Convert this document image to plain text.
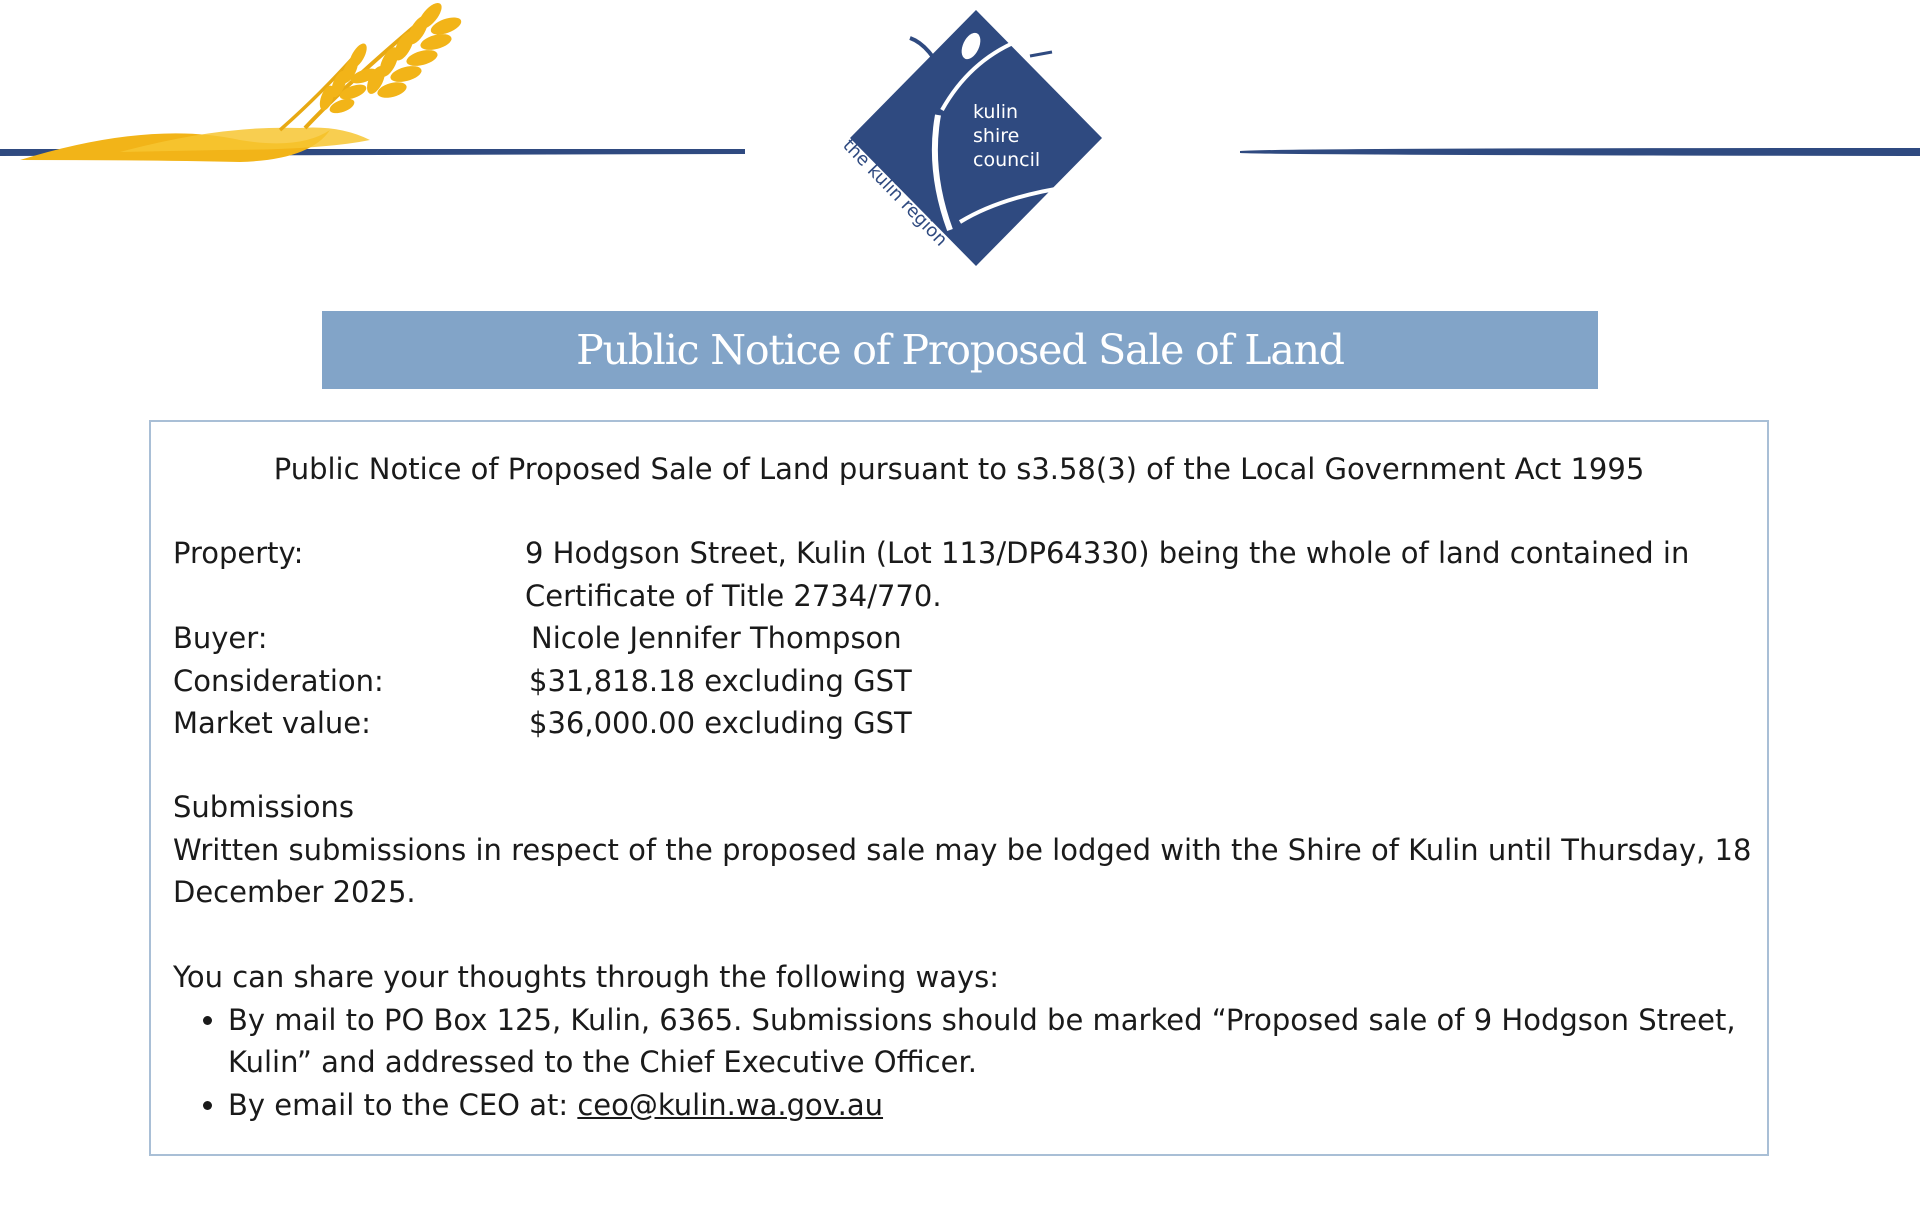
kulin
shire
council
the kulin region
Public Notice of Proposed Sale of Land

Public Notice of Proposed Sale of Land pursuant to s3.58(3) of the Local Government Act 1995

Property:	9 Hodgson Street, Kulin (Lot 113/DP64330) being the whole of land contained in Certificate of Title 2734/770.
Buyer:	Nicole Jennifer Thompson
Consideration:	$31,818.18 excluding GST
Market value:	$36,000.00 excluding GST

Submissions

Written submissions in respect of the proposed sale may be lodged with the Shire of Kulin until Thursday, 18 December 2025.

You can share your thoughts through the following ways:

• By mail to PO Box 125, Kulin, 6365. Submissions should be marked “Proposed sale of 9 Hodgson Street, Kulin” and addressed to the Chief Executive Officer.
• By email to the CEO at: ceo@kulin.wa.gov.au
